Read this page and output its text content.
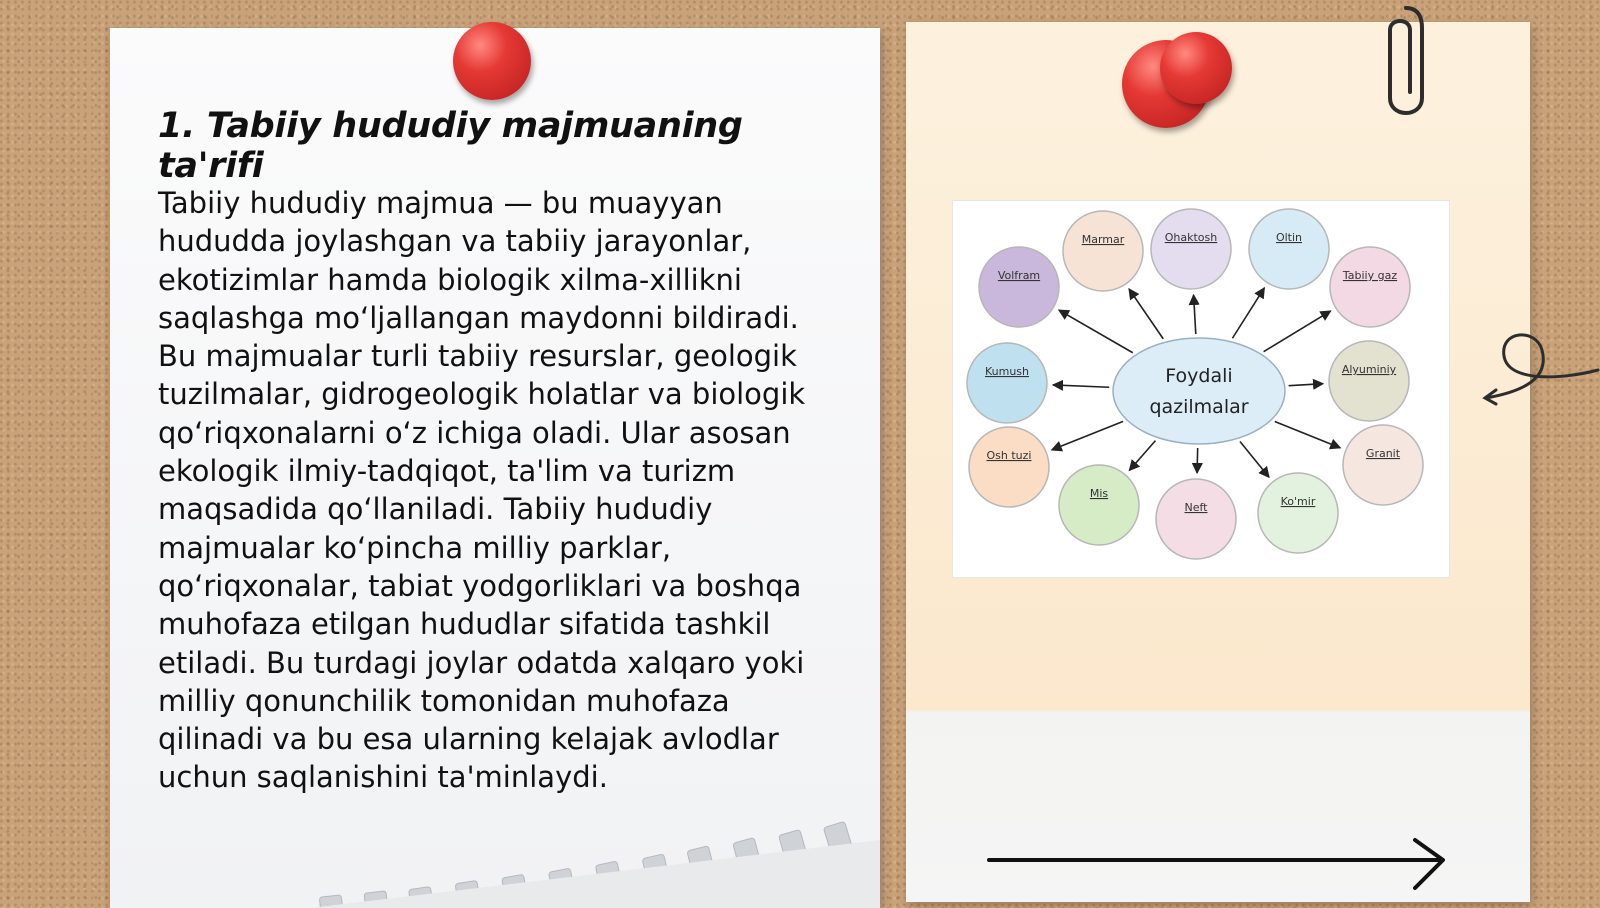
1. Tabiiy hududiy majmuaning ta'rifi

Tabiiy hududiy majmua — bu muayyan hududda joylashgan va tabiiy jarayonlar, ekotizimlar hamda biologik xilma-xillikni saqlashga mo‘ljallangan maydonni bildiradi. Bu majmualar turli tabiiy resurslar, geologik tuzilmalar, gidrogeologik holatlar va biologik qo‘riqxonalarni o‘z ichiga oladi. Ular asosan ekologik ilmiy-tadqiqot, ta'lim va turizm maqsadida qo‘llaniladi. Tabiiy hududiy majmualar ko‘pincha milliy parklar, qo‘riqxonalar, tabiat yodgorliklari va boshqa muhofaza etilgan hududlar sifatida tashkil etiladi. Bu turdagi joylar odatda xalqaro yoki milliy qonunchilik tomonidan muhofaza qilinadi va bu esa ularning kelajak avlodlar uchun saqlanishini ta'minlaydi.

Volfram
Marmar	Ohaktosh	Oltin
Tabiiy gaz
Alyuminiy
Granit
Ko'mir
Neft
Mis
Osh tuzi
Kumush	Foydali
qazilmalar
